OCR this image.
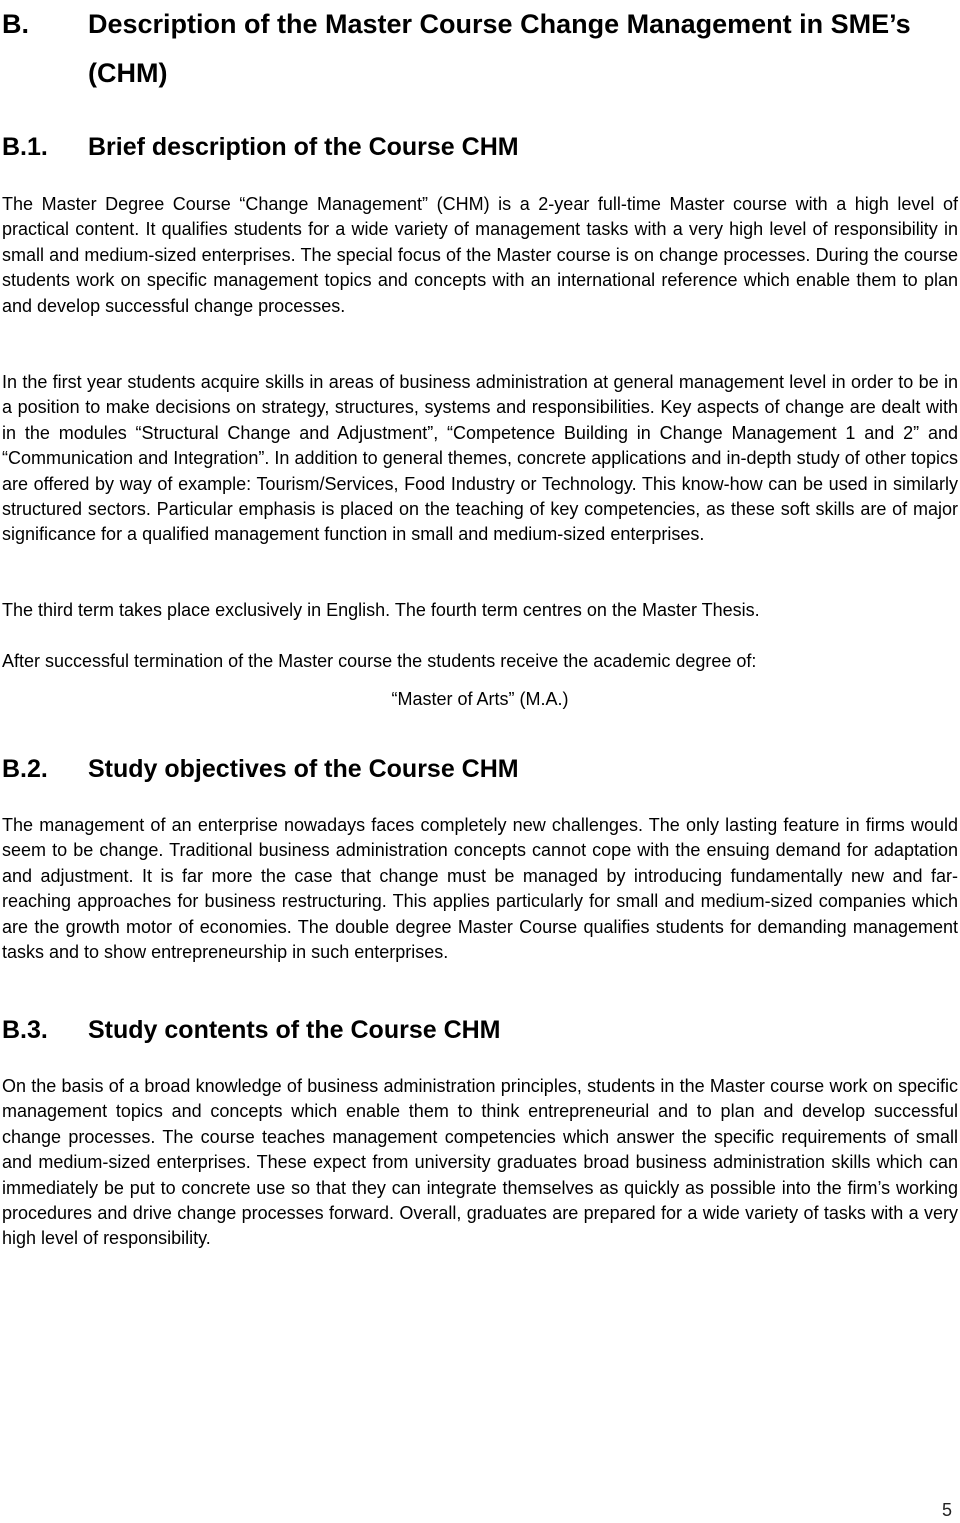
B. Description of the Master Course Change Management in SME’s (CHM)
B.1. Brief description of the Course CHM

The Master Degree Course “Change Management” (CHM) is a 2-year full-time Master course with a high level of practical content. It qualifies students for a wide variety of management tasks with a very high level of responsibility in small and medium-sized enterprises. The special focus of the Master course is on change processes. During the course students work on specific management topics and concepts with an international reference which enable them to plan and develop successful change processes.

In the first year students acquire skills in areas of business administration at general management level in order to be in a position to make decisions on strategy, structures, systems and responsibilities. Key aspects of change are dealt with in the modules “Structural Change and Adjustment”, “Competence Building in Change Management 1 and 2” and “Communication and Integration”. In addition to general themes, concrete applications and in-depth study of other topics are offered by way of example: Tourism/Services, Food Industry or Technology. This know-how can be used in similarly structured sectors. Particular emphasis is placed on the teaching of key competencies, as these soft skills are of major significance for a qualified management function in small and medium-sized enterprises.

The third term takes place exclusively in English. The fourth term centres on the Master Thesis.

After successful termination of the Master course the students receive the academic degree of:

“Master of Arts” (M.A.)
B.2. Study objectives of the Course CHM

The management of an enterprise nowadays faces completely new challenges. The only lasting feature in firms would seem to be change. Traditional business administration concepts cannot cope with the ensuing demand for adaptation and adjustment. It is far more the case that change must be managed by introducing fundamentally new and far-reaching approaches for business restructuring. This applies particularly for small and medium-sized companies which are the growth motor of economies. The double degree Master Course qualifies students for demanding management tasks and to show entrepreneurship in such enterprises.

B.3. Study contents of the Course CHM

On the basis of a broad knowledge of business administration principles, students in the Master course work on specific management topics and concepts which enable them to think entrepreneurial and to plan and develop successful change processes. The course teaches management competencies which answer the specific requirements of small and medium-sized enterprises. These expect from university graduates broad business administration skills which can immediately be put to concrete use so that they can integrate themselves as quickly as possible into the firm’s working procedures and drive change processes forward. Overall, graduates are prepared for a wide variety of tasks with a very high level of responsibility.

5
